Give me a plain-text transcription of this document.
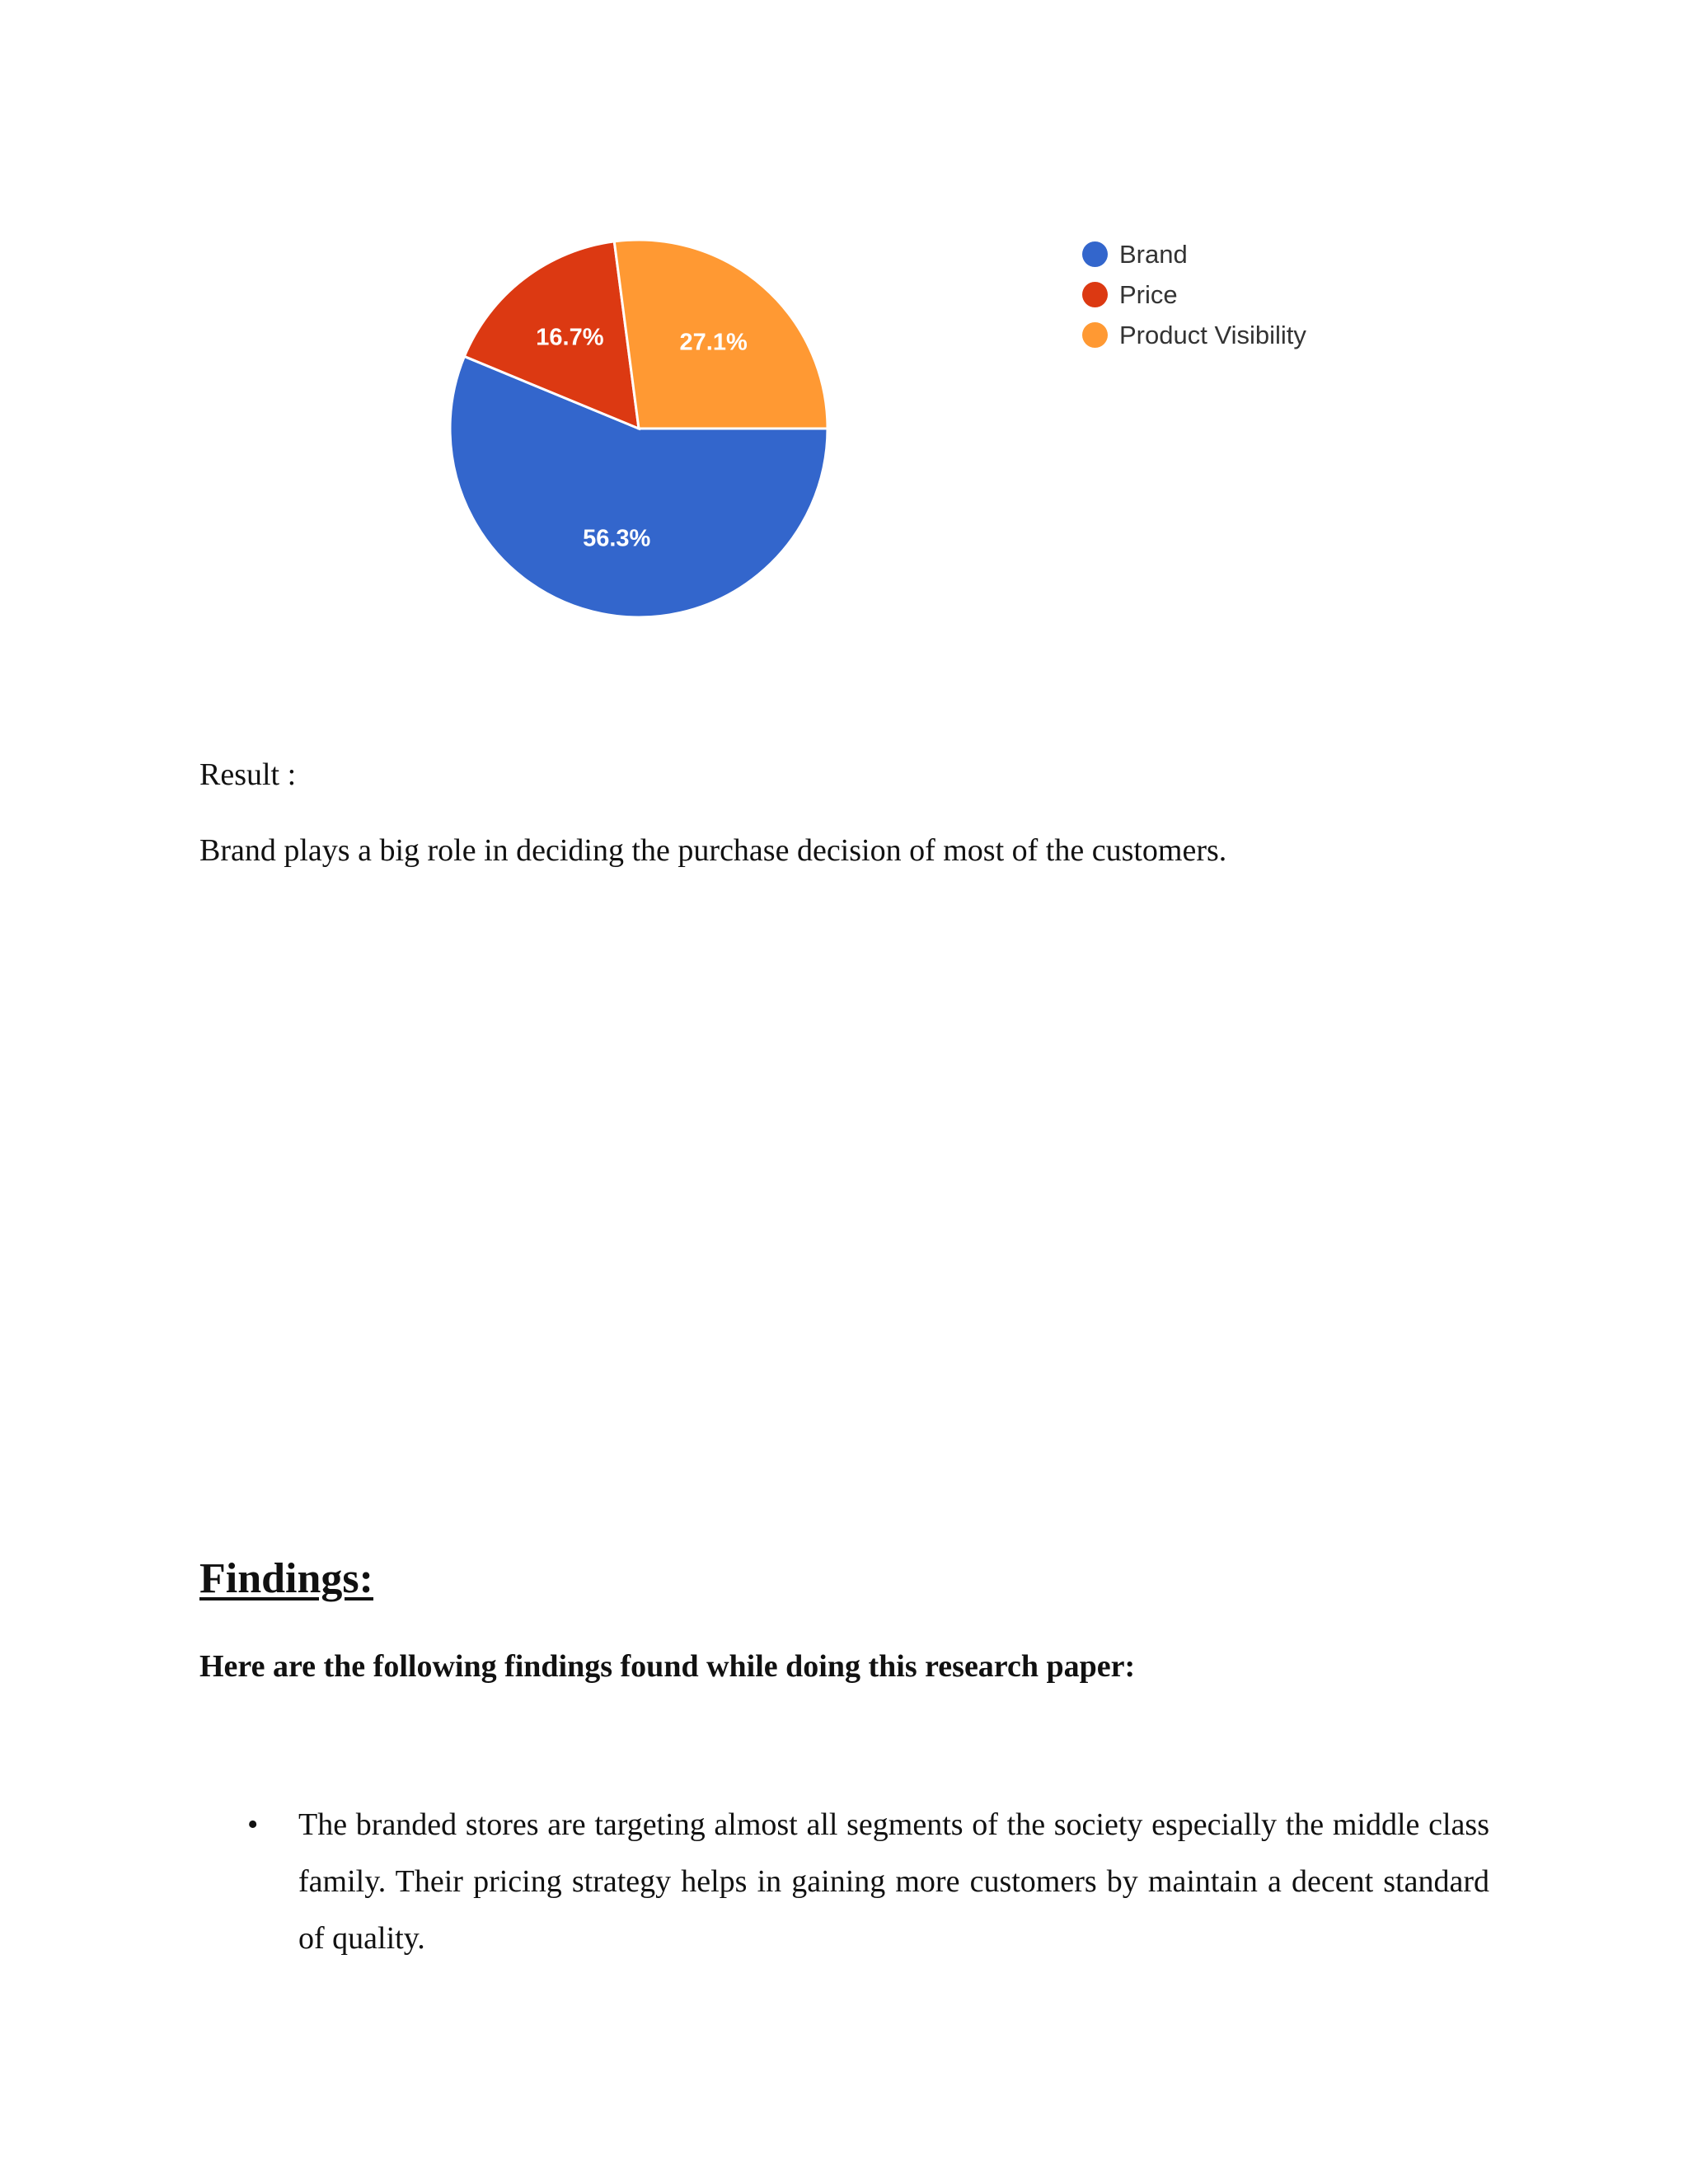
56.3%
16.7%	27.1%
Brand
Price
Product Visibility
Result :
Brand plays a big role in deciding the purchase decision of most of the customers.
Findings:
Here are the following findings found while doing this research paper:
• The branded stores are targeting almost all segments of the society especially the middle class family. Their pricing strategy helps in gaining more customers by maintain a decent standard of quality.
